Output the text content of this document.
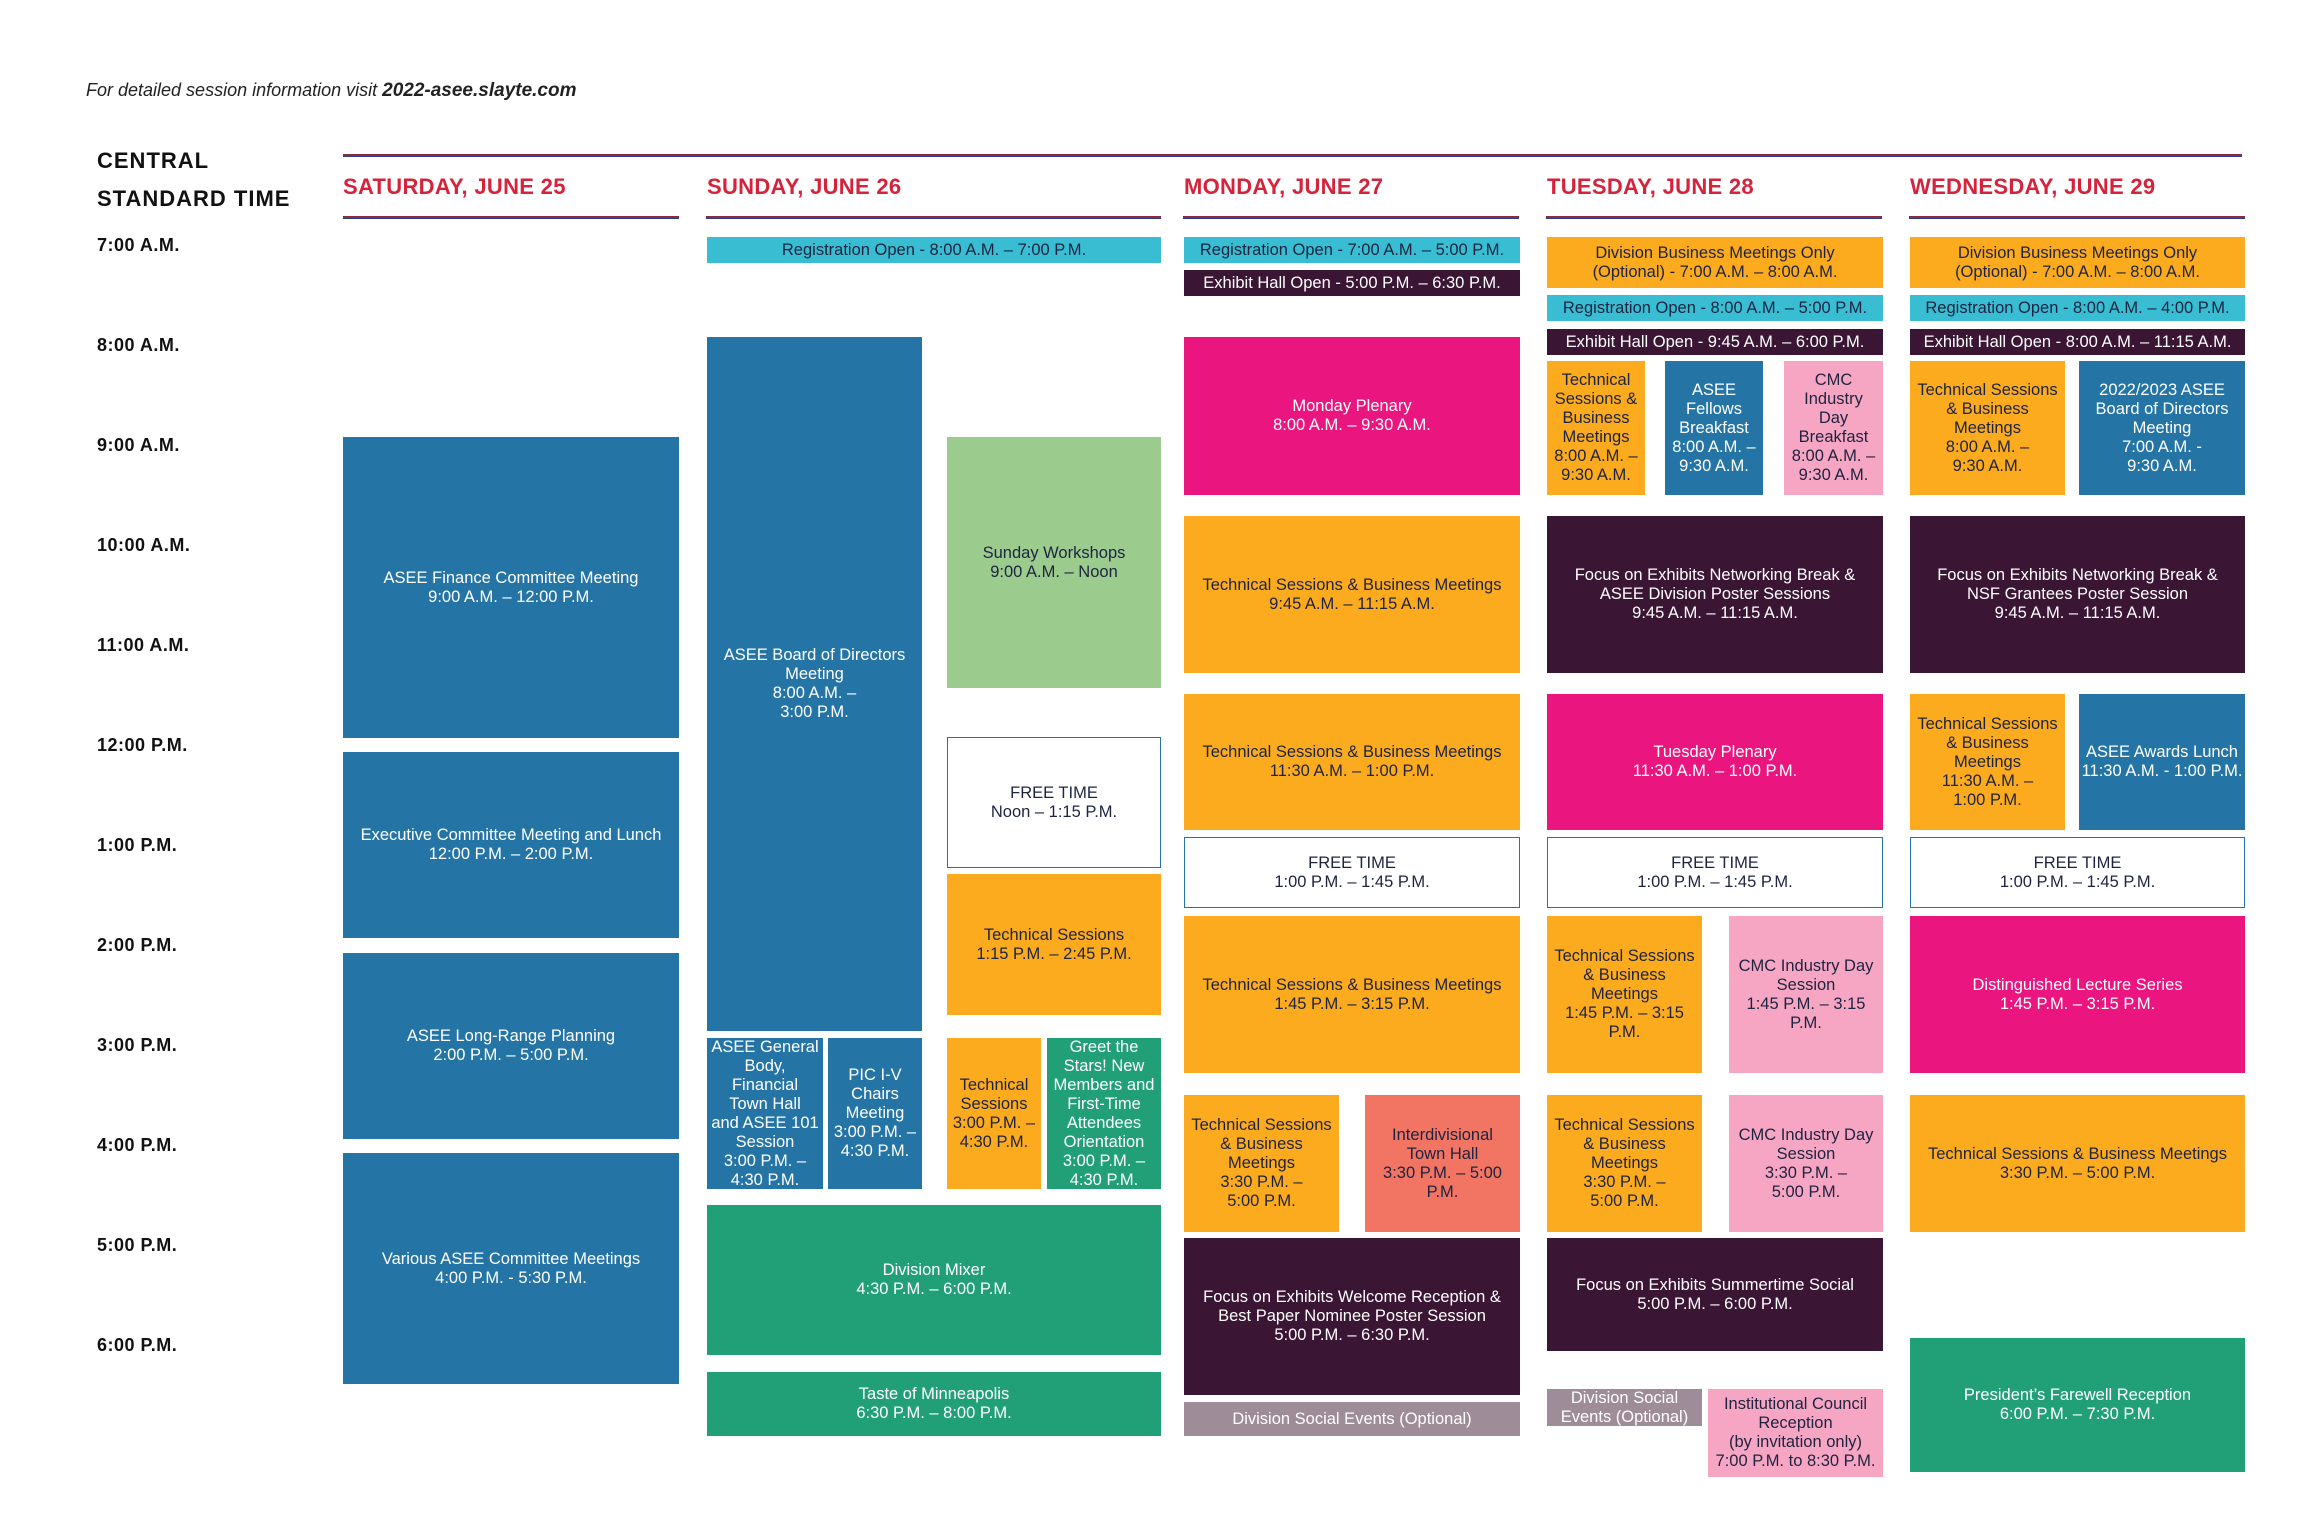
For detailed session information visit 2022-asee.slayte.com
CENTRAL
STANDARD TIME
7:00 A.M.
8:00 A.M.
9:00 A.M.
10:00 A.M.
11:00 A.M.
12:00 P.M.
1:00 P.M.
2:00 P.M.
3:00 P.M.
4:00 P.M.
5:00 P.M.
6:00 P.M.
SATURDAY, JUNE 25	SUNDAY, JUNE 26	MONDAY, JUNE 27	TUESDAY, JUNE 28	WEDNESDAY, JUNE 29
ASEE Finance Committee Meeting
9:00 A.M. – 12:00 P.M.
Executive Committee Meeting and Lunch
12:00 P.M. – 2:00 P.M.
ASEE Long-Range Planning
2:00 P.M. – 5:00 P.M.
Various ASEE Committee Meetings
4:00 P.M. - 5:30 P.M.
Registration Open - 8:00 A.M. – 7:00 P.M.
ASEE Board of Directors
Meeting
8:00 A.M. –
3:00 P.M.
Sunday Workshops
9:00 A.M. – Noon
FREE TIME
Noon – 1:15 P.M.
Technical Sessions
1:15 P.M. – 2:45 P.M.
ASEE General
Body,
Financial
Town Hall
and ASEE 101
Session
3:00 P.M. –
4:30 P.M.
PIC I-V
Chairs
Meeting
3:00 P.M. –
4:30 P.M.
Technical
Sessions
3:00 P.M. –
4:30 P.M.
Greet the
Stars! New
Members and
First-Time
Attendees
Orientation
3:00 P.M. –
4:30 P.M.
Division Mixer
4:30 P.M. – 6:00 P.M.
Taste of Minneapolis
6:30 P.M. – 8:00 P.M.
Registration Open - 7:00 A.M. – 5:00 P.M.
Exhibit Hall Open - 5:00 P.M. – 6:30 P.M.
Monday Plenary
8:00 A.M. – 9:30 A.M.
Technical Sessions & Business Meetings
9:45 A.M. – 11:15 A.M.
Technical Sessions & Business Meetings
11:30 A.M. – 1:00 P.M.
FREE TIME
1:00 P.M. – 1:45 P.M.
Technical Sessions & Business Meetings
1:45 P.M. – 3:15 P.M.
Technical Sessions
& Business
Meetings
3:30 P.M. –
5:00 P.M.
Interdivisional
Town Hall
3:30 P.M. – 5:00
P.M.
Focus on Exhibits Welcome Reception &
Best Paper Nominee Poster Session
5:00 P.M. – 6:30 P.M.
Division Social Events (Optional)
Division Business Meetings Only
(Optional) - 7:00 A.M. – 8:00 A.M.
Registration Open - 8:00 A.M. – 5:00 P.M.
Exhibit Hall Open - 9:45 A.M. – 6:00 P.M.
Technical
Sessions &
Business
Meetings
8:00 A.M. –
9:30 A.M.
ASEE
Fellows
Breakfast
8:00 A.M. –
9:30 A.M.
CMC
Industry
Day
Breakfast
8:00 A.M. –
9:30 A.M.
Focus on Exhibits Networking Break &
ASEE Division Poster Sessions
9:45 A.M. – 11:15 A.M.
Tuesday Plenary
11:30 A.M. – 1:00 P.M.
FREE TIME
1:00 P.M. – 1:45 P.M.
Technical Sessions
& Business
Meetings
1:45 P.M. – 3:15
P.M.
CMC Industry Day
Session
1:45 P.M. – 3:15
P.M.
Technical Sessions
& Business
Meetings
3:30 P.M. –
5:00 P.M.
CMC Industry Day
Session
3:30 P.M. –
5:00 P.M.
Focus on Exhibits Summertime Social
5:00 P.M. – 6:00 P.M.
Division Social
Events (Optional)
Institutional Council
Reception
(by invitation only)
7:00 P.M. to 8:30 P.M.
Division Business Meetings Only
(Optional) - 7:00 A.M. – 8:00 A.M.
Registration Open - 8:00 A.M. – 4:00 P.M.
Exhibit Hall Open - 8:00 A.M. – 11:15 A.M.
Technical Sessions
& Business
Meetings
8:00 A.M. –
9:30 A.M.
2022/2023 ASEE
Board of Directors
Meeting
7:00 A.M. -
9:30 A.M.
Focus on Exhibits Networking Break &
NSF Grantees Poster Session
9:45 A.M. – 11:15 A.M.
Technical Sessions
& Business
Meetings
11:30 A.M. –
1:00 P.M.
ASEE Awards Lunch
11:30 A.M. - 1:00 P.M.
FREE TIME
1:00 P.M. – 1:45 P.M.
Distinguished Lecture Series
1:45 P.M. – 3:15 P.M.
Technical Sessions & Business Meetings
3:30 P.M. – 5:00 P.M.
President’s Farewell Reception
6:00 P.M. – 7:30 P.M.
